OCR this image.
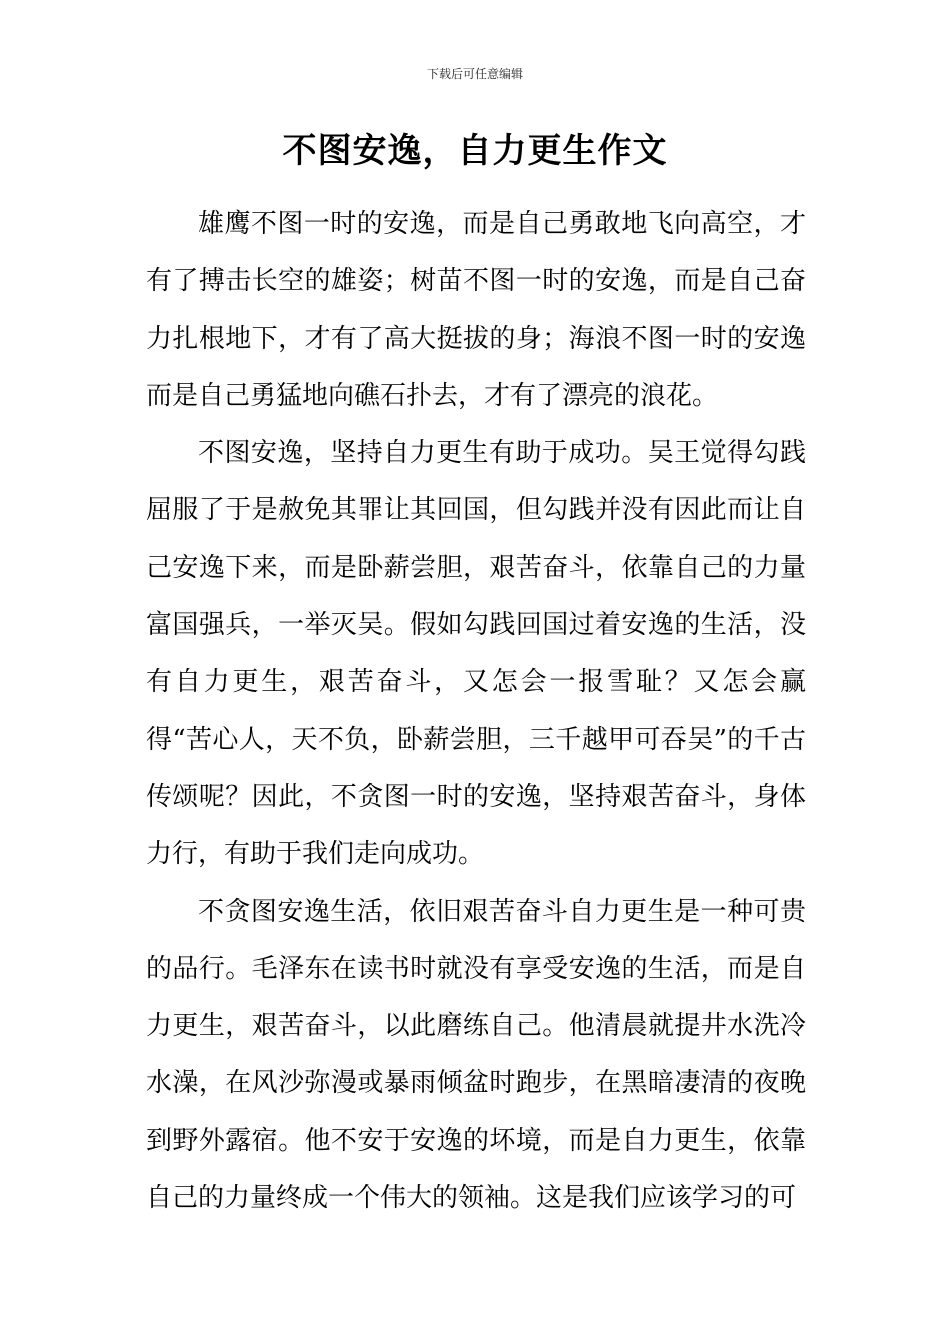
下载后可任意编辑
不图安逸，自力更生作文

雄鹰不图一时的安逸，而是自己勇敢地飞向高空，才有了搏击长空的雄姿；树苗不图一时的安逸，而是自己奋力扎根地下，才有了高大挺拔的身；海浪不图一时的安逸而是自己勇猛地向礁石扑去，才有了漂亮的浪花。

不图安逸，坚持自力更生有助于成功。吴王觉得勾践屈服了于是赦免其罪让其回国，但勾践并没有因此而让自己安逸下来，而是卧薪尝胆，艰苦奋斗，依靠自己的力量富国强兵，一举灭吴。假如勾践回国过着安逸的生活，没有自力更生，艰苦奋斗，又怎会一报雪耻？又怎会赢得“苦心人，天不负，卧薪尝胆，三千越甲可吞吴”的千古传颂呢？因此，不贪图一时的安逸，坚持艰苦奋斗，身体力行，有助于我们走向成功。

不贪图安逸生活，依旧艰苦奋斗自力更生是一种可贵的品行。毛泽东在读书时就没有享受安逸的生活，而是自力更生，艰苦奋斗，以此磨练自己。他清晨就提井水洗冷水澡，在风沙弥漫或暴雨倾盆时跑步，在黑暗凄清的夜晚到野外露宿。他不安于安逸的坏境，而是自力更生，依靠自己的力量终成一个伟大的领袖。这是我们应该学习的可
